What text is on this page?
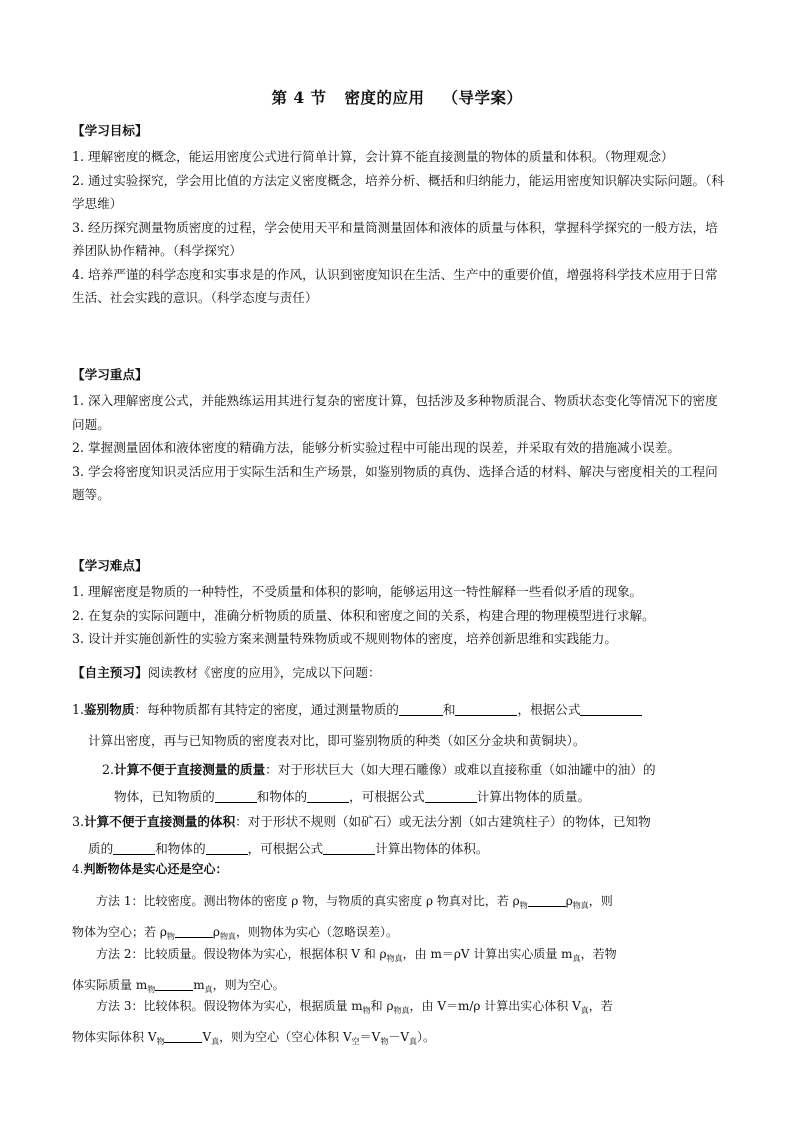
第 4 节 密度的应用 （导学案）
【学习目标】
1. 理解密度的概念，能运用密度公式进行简单计算，会计算不能直接测量的物体的质量和体积。（物理观念）
2. 通过实验探究，学会用比值的方法定义密度概念，培养分析、概括和归纳能力，能运用密度知识解决实际问题。（科学思维）
3. 经历探究测量物质密度的过程，学会使用天平和量筒测量固体和液体的质量与体积，掌握科学探究的一般方法，培养团队协作精神。（科学探究）
4. 培养严谨的科学态度和实事求是的作风，认识到密度知识在生活、生产中的重要价值，增强将科学技术应用于日常生活、社会实践的意识。（科学态度与责任）
【学习重点】
1. 深入理解密度公式，并能熟练运用其进行复杂的密度计算，包括涉及多种物质混合、物质状态变化等情况下的密度问题。
2. 掌握测量固体和液体密度的精确方法，能够分析实验过程中可能出现的误差，并采取有效的措施减小误差。
3. 学会将密度知识灵活应用于实际生活和生产场景，如鉴别物质的真伪、选择合适的材料、解决与密度相关的工程问题等。
【学习难点】
1. 理解密度是物质的一种特性，不受质量和体积的影响，能够运用这一特性解释一些看似矛盾的现象。
2. 在复杂的实际问题中，准确分析物质的质量、体积和密度之间的关系，构建合理的物理模型进行求解。
3. 设计并实施创新性的实验方案来测量特殊物质或不规则物体的密度，培养创新思维和实践能力。
【自主预习】阅读教材《密度的应用》，完成以下问题：
1.鉴别物质：每种物质都有其特定的密度，通过测量物质的	和	，根据公式
计算出密度，再与已知物质的密度表对比，即可鉴别物质的种类（如区分金块和黄铜块）。
2.计算不便于直接测量的质量：对于形状巨大（如大理石雕像）或难以直接称重（如油罐中的油）的
物体，已知物质的	和物体的	，可根据公式	计算出物体的质量。
3.计算不便于直接测量的体积：对于形状不规则（如矿石）或无法分割（如古建筑柱子）的物体，已知物
质的	和物体的	，可根据公式	计算出物体的体积。
4.判断物体是实心还是空心：
方法 1：比较密度。测出物体的密度 ρ 物，与物质的真实密度 ρ 物真对比，若 $\rho_物$	$\rho_{物真}$，则
物体为空心；若 $\rho_物$	$\rho_{物真}$，则物体为实心（忽略误差）。
方法 2：比较质量。假设物体为实心，根据体积 V 和 $\rho_{物真}$，由 m＝ρV 计算出实心质量 $m_真$，若物
体实际质量 $m_物$	$m_真$，则为空心。
方法 3：比较体积。假设物体为实心，根据质量 $m_物$和 $\rho_{物真}$，由 V＝m/ρ 计算出实心体积 $V_真$，若
物体实际体积 $V_物$	$V_真$，则为空心（空心体积 $V_空=V_物-V_真$）。
